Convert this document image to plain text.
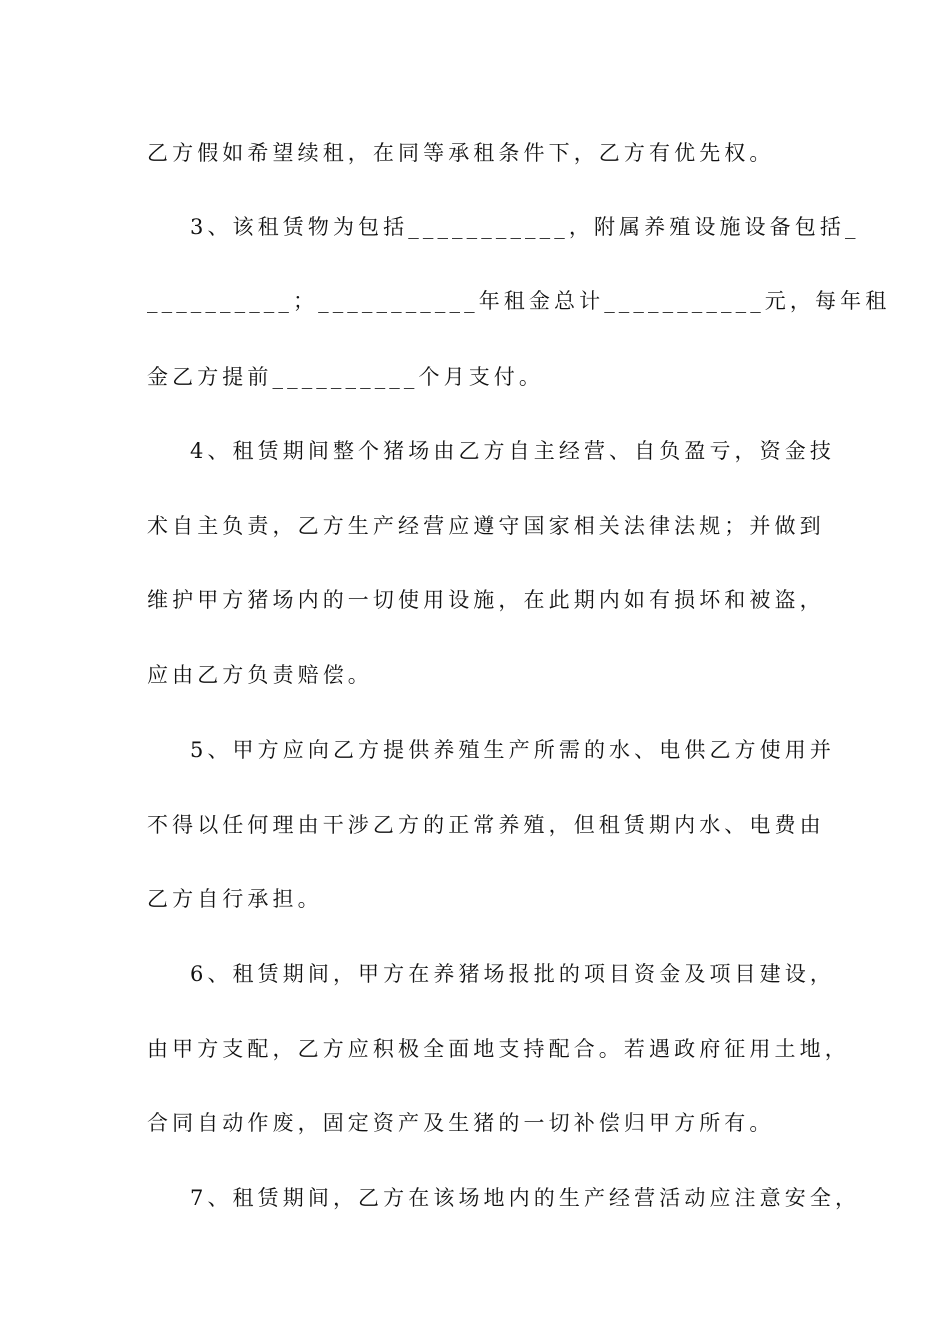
乙方假如希望续租，在同等承租条件下，乙方有优先权。
3、该租赁物为包括___________，附属养殖设施设备包括_
__________；___________年租金总计___________元，每年租
金乙方提前__________个月支付。
4、租赁期间整个猪场由乙方自主经营、自负盈亏，资金技
术自主负责，乙方生产经营应遵守国家相关法律法规；并做到
维护甲方猪场内的一切使用设施，在此期内如有损坏和被盗，
应由乙方负责赔偿。
5、甲方应向乙方提供养殖生产所需的水、电供乙方使用并
不得以任何理由干涉乙方的正常养殖，但租赁期内水、电费由
乙方自行承担。
6、租赁期间，甲方在养猪场报批的项目资金及项目建设，
由甲方支配，乙方应积极全面地支持配合。若遇政府征用土地，
合同自动作废，固定资产及生猪的一切补偿归甲方所有。
7、租赁期间，乙方在该场地内的生产经营活动应注意安全，
